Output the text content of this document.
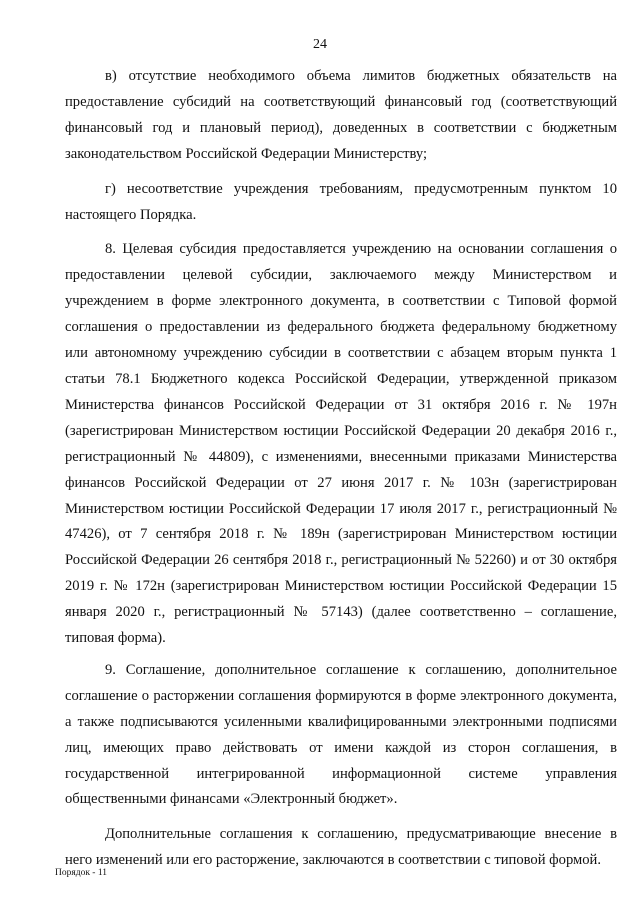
24

в) отсутствие необходимого объема лимитов бюджетных обязательств на предоставление субсидий на соответствующий финансовый год (соответствующий финансовый год и плановый период), доведенных в соответствии с бюджетным законодательством Российской Федерации Министерству;

г) несоответствие учреждения требованиям, предусмотренным пунктом 10 настоящего Порядка.

8. Целевая субсидия предоставляется учреждению на основании соглашения о предоставлении целевой субсидии, заключаемого между Министерством и учреждением в форме электронного документа, в соответствии с Типовой формой соглашения о предоставлении из федерального бюджета федеральному бюджетному или автономному учреждению субсидии в соответствии с абзацем вторым пункта 1 статьи 78.1 Бюджетного кодекса Российской Федерации, утвержденной приказом Министерства финансов Российской Федерации от 31 октября 2016 г. № 197н (зарегистрирован Министерством юстиции Российской Федерации 20 декабря 2016 г., регистрационный № 44809), с изменениями, внесенными приказами Министерства финансов Российской Федерации от 27 июня 2017 г. № 103н (зарегистрирован Министерством юстиции Российской Федерации 17 июля 2017 г., регистрационный № 47426), от 7 сентября 2018 г. № 189н (зарегистрирован Министерством юстиции Российской Федерации 26 сентября 2018 г., регистрационный № 52260) и от 30 октября 2019 г. № 172н (зарегистрирован Министерством юстиции Российской Федерации 15 января 2020 г., регистрационный № 57143) (далее соответственно – соглашение, типовая форма).

9. Соглашение, дополнительное соглашение к соглашению, дополнительное соглашение о расторжении соглашения формируются в форме электронного документа, а также подписываются усиленными квалифицированными электронными подписями лиц, имеющих право действовать от имени каждой из сторон соглашения, в государственной интегрированной информационной системе управления общественными финансами «Электронный бюджет».

Дополнительные соглашения к соглашению, предусматривающие внесение в него изменений или его расторжение, заключаются в соответствии с типовой формой.

Порядок - 11
